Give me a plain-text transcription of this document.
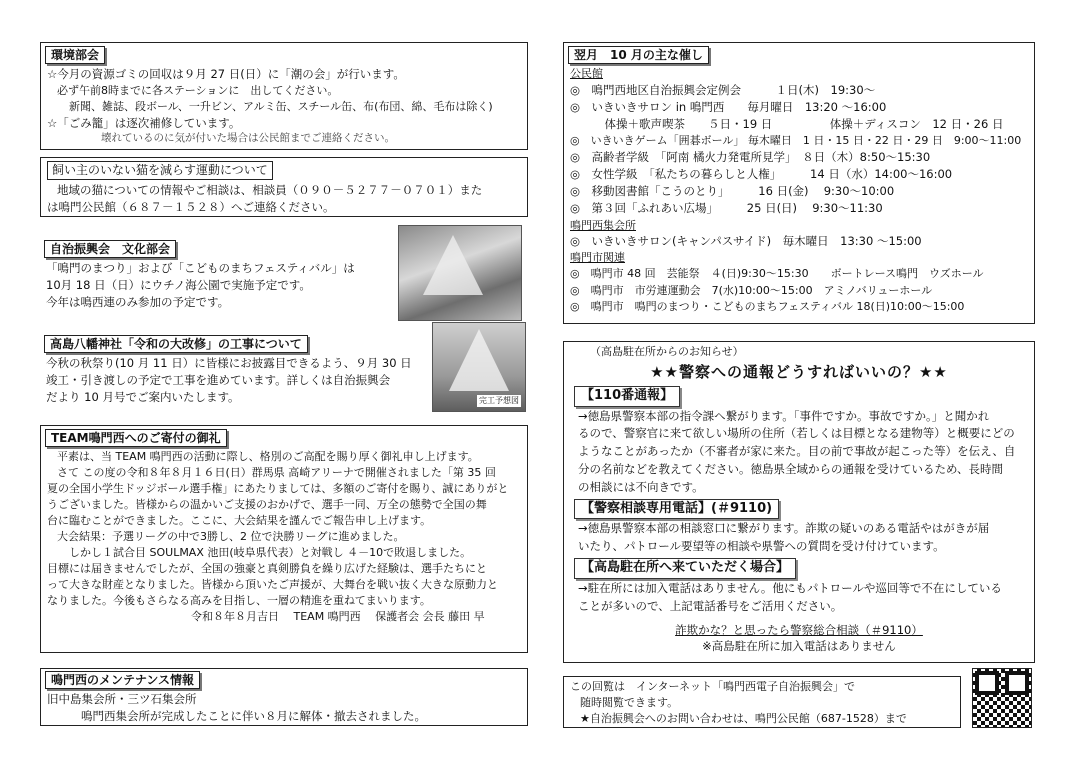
環境部会
☆今月の資源ゴミの回収は９月 27 日(日）に「潮の会」が行います。
必ず午前8時までに各ステーションに　出してください。
新聞、雑誌、段ボール、一升ビン、アルミ缶、スチール缶、布(布団、綿、毛布は除く)
☆「ごみ籠」は逐次補修しています。
壊れているのに気が付いた場合は公民館までご連絡ください。
飼い主のいない猫を減らす運動について
地域の猫についての情報やご相談は、相談員（０９０－５２７７－０７０１）また
は鳴門公民館（６８７－１５２８）へご連絡ください。
自治振興会　文化部会
「鳴門のまつり」および「こどものまちフェスティバル」は
10月 18 日（日）にウチノ海公園で実施予定です。
今年は鳴西連のみ参加の予定です。
高島八幡神社「令和の大改修」の工事について
今秋の秋祭り(10 月 11 日）に皆様にお披露目できるよう、９月 30 日
竣工・引き渡しの予定で工事を進めています。詳しくは自治振興会
だより 10 月号でご案内いたします。	完工予想図
TEAM鳴門西へのご寄付の御礼
平素は、当 TEAM 鳴門西の活動に際し、格別のご高配を賜り厚く御礼申し上げます。
さて この度の令和８年８月１６日(日）群馬県 高崎アリーナで開催されました「第 35 回
夏の全国小学生ドッジボール選手権」にあたりましては、多額のご寄付を賜り、誠にありがと
うございました。皆様からの温かいご支援のおかげで、選手一同、万全の態勢で全国の舞
台に臨むことができました。ここに、大会結果を謹んでご報告申し上げます。
大会結果：予選リーグの中で3勝し、2 位で決勝リーグに進めました。
しかし１試合目 SOULMAX 池田(岐阜県代表）と対戦し ４－10で敗退しました。
目標には届きませんでしたが、全国の強豪と真剣勝負を繰り広げた経験は、選手たちにと
って大きな財産となりました。皆様から頂いたご声援が、大舞台を戦い抜く大きな原動力と
なりました。今後もさらなる高みを目指し、一層の精進を重ねてまいります。
令和８年８月吉日　 TEAM 鳴門西　 保護者会 会長 藤田 早
鳴門西のメンテナンス情報
旧中島集会所・三ツ石集会所
鳴門西集会所が完成したことに伴い８月に解体・撤去されました。
翌月　10 月の主な催し
公民館
◎　鳴門西地区自治振興会定例会　　　１日(木)　19:30～
◎　いきいきサロン in 鳴門西　　毎月曜日　13:20 ～16:00
　　　体操＋歌声喫茶　　５日・19 日　　　　　体操＋ディスコン　12 日・26 日
◎　いきいきゲーム「囲碁ボール」 毎木曜日　1 日・15 日・22 日・29 日　9:00～11:00
◎　高齢者学級　「阿南 橘火力発電所見学」　８日（木）8:50～15:30
◎　女性学級　「私たちの暮らしと人権」　　　14 日（水）14:00～16:00
◎　移動図書館「こうのとり」　　　16 日(金)　 9:30～10:00
◎　第３回「ふれあい広場」　　　25 日(日)　 9:30～11:30
鳴門西集会所
◎　いきいきサロン(キャンパスサイド)　毎木曜日　13:30 ～15:00
鳴門市関連
◎　鳴門市 48 回　芸能祭　４(日)9:30～15:30　　ボートレース鳴門　ウズホール
◎　鳴門市　市労連運動会　7(水)10:00～15:00　アミノバリューホール
◎　鳴門市　鳴門のまつり・こどものまちフェスティバル 18(日)10:00～15:00
（高島駐在所からのお知らせ）
★★警察への通報どうすればいいの？★★
【110番通報】
→徳島県警察本部の指令課へ繋がります。「事件ですか。事故ですか。」と聞かれ
るので、警察官に来て欲しい場所の住所（若しくは目標となる建物等）と概要にどの
ようなことがあったか（不審者が家に来た。目の前で事故が起こった等）を伝え、自
分の名前などを教えてください。徳島県全域からの通報を受けているため、長時間
の相談には不向きです。
【警察相談専用電話】(＃9110)
→徳島県警察本部の相談窓口に繋がります。詐欺の疑いのある電話やはがきが届
いたり、パトロール要望等の相談や県警への質問を受け付けています。
【高島駐在所へ来ていただく場合】
→駐在所には加入電話はありません。他にもパトロールや巡回等で不在にしている
ことが多いので、上記電話番号をご活用ください。
詐欺かな？と思ったら警察総合相談（＃9110）
※高島駐在所に加入電話はありません
この回覧は　インターネット「鳴門西電子自治振興会」で
随時閲覧できます。
★自治振興会へのお問い合わせは、鳴門公民館（687-1528）まで
